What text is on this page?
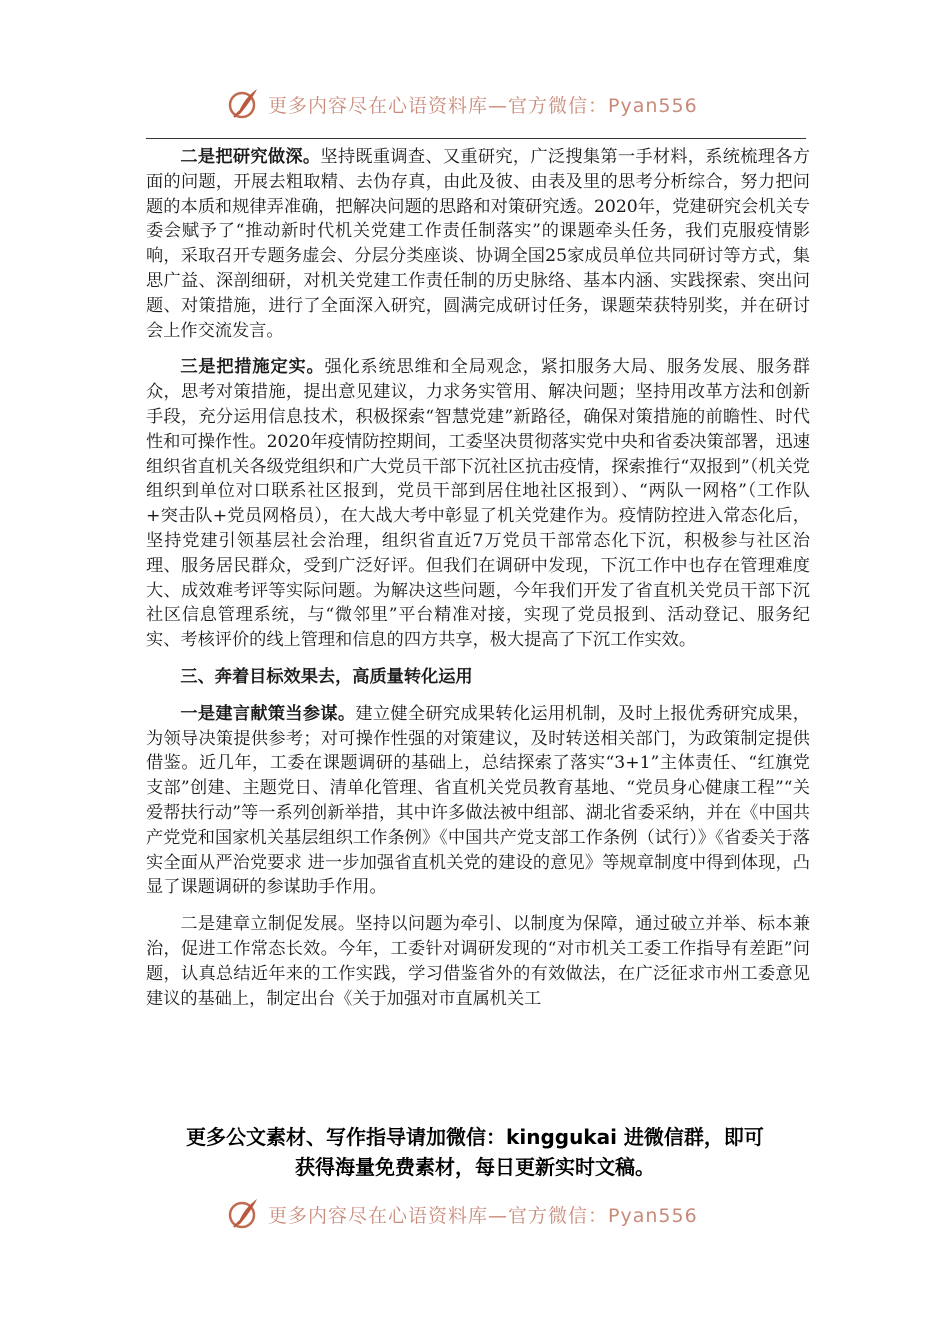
更多内容尽在心语资料库—官方微信：Pyan556

二是把研究做深。坚持既重调查、又重研究，广泛搜集第一手材料，系统梳理各方面的问题，开展去粗取精、去伪存真，由此及彼、由表及里的思考分析综合，努力把问题的本质和规律弄准确，把解决问题的思路和对策研究透。2020年，党建研究会机关专委会赋予了“推动新时代机关党建工作责任制落实”的课题牵头任务，我们克服疫情影响，采取召开专题务虚会、分层分类座谈、协调全国25家成员单位共同研讨等方式，集思广益、深剖细研，对机关党建工作责任制的历史脉络、基本内涵、实践探索、突出问题、对策措施，进行了全面深入研究，圆满完成研讨任务，课题荣获特别奖，并在研讨会上作交流发言。

三是把措施定实。强化系统思维和全局观念，紧扣服务大局、服务发展、服务群众，思考对策措施，提出意见建议，力求务实管用、解决问题；坚持用改革方法和创新手段，充分运用信息技术，积极探索“智慧党建”新路径，确保对策措施的前瞻性、时代性和可操作性。2020年疫情防控期间，工委坚决贯彻落实党中央和省委决策部署，迅速组织省直机关各级党组织和广大党员干部下沉社区抗击疫情，探索推行“双报到”（机关党组织到单位对口联系社区报到，党员干部到居住地社区报到）、“两队一网格”（工作队+突击队+党员网格员），在大战大考中彰显了机关党建作为。疫情防控进入常态化后，坚持党建引领基层社会治理，组织省直近7万党员干部常态化下沉，积极参与社区治理、服务居民群众，受到广泛好评。但我们在调研中发现，下沉工作中也存在管理难度大、成效难考评等实际问题。为解决这些问题，今年我们开发了省直机关党员干部下沉社区信息管理系统，与“微邻里”平台精准对接，实现了党员报到、活动登记、服务纪实、考核评价的线上管理和信息的四方共享，极大提高了下沉工作实效。

三、奔着目标效果去，高质量转化运用

一是建言献策当参谋。建立健全研究成果转化运用机制，及时上报优秀研究成果，为领导决策提供参考；对可操作性强的对策建议，及时转送相关部门，为政策制定提供借鉴。近几年，工委在课题调研的基础上，总结探索了落实“3+1”主体责任、“红旗党支部”创建、主题党日、清单化管理、省直机关党员教育基地、“党员身心健康工程”“关爱帮扶行动”等一系列创新举措，其中许多做法被中组部、湖北省委采纳，并在《中国共产党党和国家机关基层组织工作条例》《中国共产党支部工作条例（试行）》《省委关于落实全面从严治党要求 进一步加强省直机关党的建设的意见》等规章制度中得到体现，凸显了课题调研的参谋助手作用。

二是建章立制促发展。坚持以问题为牵引、以制度为保障，通过破立并举、标本兼治，促进工作常态长效。今年，工委针对调研发现的“对市机关工委工作指导有差距”问题，认真总结近年来的工作实践，学习借鉴省外的有效做法，在广泛征求市州工委意见建议的基础上，制定出台《关于加强对市直属机关工

更多公文素材、写作指导请加微信：kinggukai 进微信群，即可
获得海量免费素材，每日更新实时文稿。
更多内容尽在心语资料库—官方微信：Pyan556
